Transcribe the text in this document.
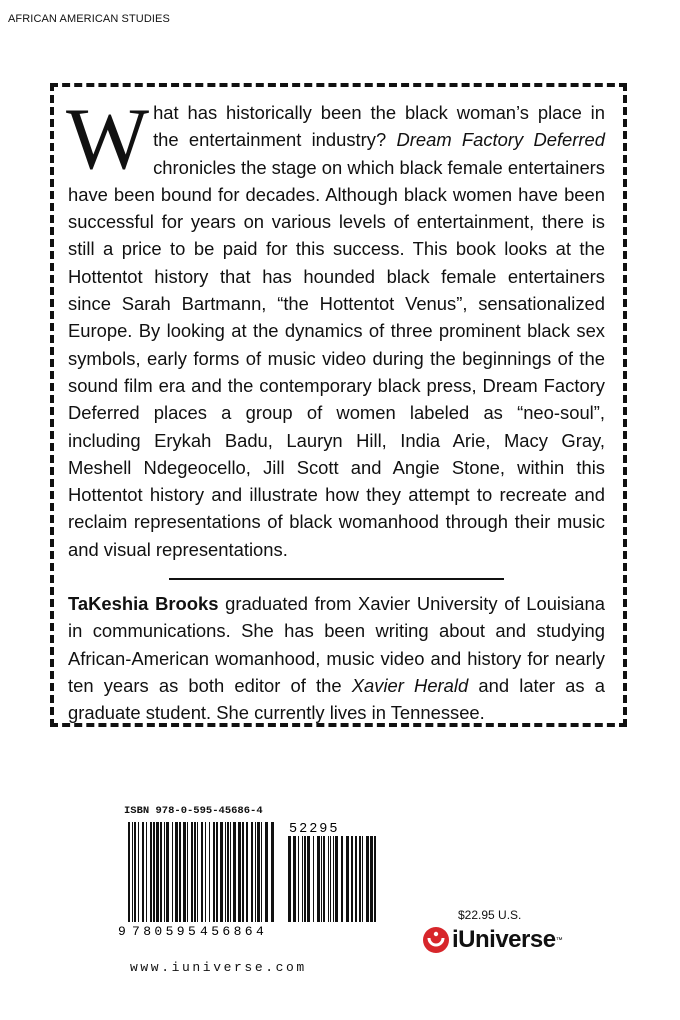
AFRICAN AMERICAN STUDIES

What has historically been the black woman’s place in the entertainment industry? Dream Factory Deferred chronicles the stage on which black female entertainers have been bound for decades. Although black women have been successful for years on various levels of entertainment, there is still a price to be paid for this success. This book looks at the Hottentot history that has hounded black female entertainers since Sarah Bartmann, “the Hottentot Venus”, sensationalized Europe. By looking at the dynamics of three prominent black sex symbols, early forms of music video during the beginnings of the sound film era and the contemporary black press, Dream Factory Deferred places a group of women labeled as “neo-soul”, including Erykah Badu, Lauryn Hill, India Arie, Macy Gray, Meshell Ndegeocello, Jill Scott and Angie Stone, within this Hottentot history and illustrate how they attempt to recreate and reclaim representations of black womanhood through their music and visual representations.

TaKeshia Brooks graduated from Xavier University of Louisiana in communications. She has been writing about and studying African-American womanhood, music video and history for nearly ten years as both editor of the Xavier Herald and later as a graduate student. She currently lives in Tennessee.

ISBN 978-0-595-45686-4
52295
9 780595 456864
$22.95 U.S.
iUniverse ™
www.iuniverse.com
